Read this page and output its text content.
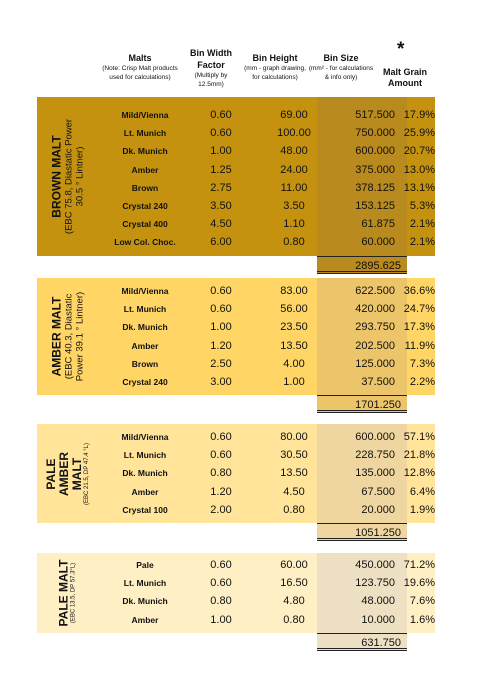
Malts
(Note: Crisp Malt products used for calculations)
Bin Width Factor
(Multiply by 12.5mm)
Bin Height
(mm - graph drawing, for calculations)
Bin Size
(mm² - for calculations & info only)
*
Malt Grain Amount
BROWN MALT (EBC 75.8, Diastatic Power 30.5 ° Lintner)
Mild/Vienna	0.60	69.00	517.500 17.9%
Lt. Munich	0.60	100.00	750.000 25.9%
Dk. Munich	1.00	48.00	600.000 20.7%
Amber	1.25	24.00	375.000 13.0%
Brown	2.75	11.00	378.125 13.1%
Crystal 240	3.50	3.50	153.125	5.3%
Crystal 400	4.50	1.10	61.875	2.1%
Low Col. Choc.	6.00	0.80	60.000	2.1%
2895.625
AMBER MALT (EBC 40.3, Diastatic Power 39.1 ° Lintner)
Mild/Vienna	0.60	83.00	622.500 36.6%
Lt. Munich	0.60	56.00	420.000 24.7%
Dk. Munich	1.00	23.50	293.750 17.3%
Amber	1.20	13.50	202.500 11.9%
Brown	2.50	4.00	125.000	7.3%
Crystal 240	3.00	1.00	37.500	2.2%
1701.250
PALE AMBER MALT (EBC 21.5, DP 47.4 °L)
Mild/Vienna	0.60	80.00	600.000 57.1%
Lt. Munich	0.60	30.50	228.750 21.8%
Dk. Munich	0.80	13.50	135.000 12.8%
Amber	1.20	4.50	67.500	6.4%
Crystal 100	2.00	0.80	20.000	1.9%
1051.250
PALE MALT (EBC 13.5, DP 57.3°L)	Pale	0.60	60.00	450.000 71.2%
Lt. Munich	0.60	16.50	123.750 19.6%
Dk. Munich	0.80	4.80	48.000	7.6%
Amber	1.00	0.80	10.000	1.6%
631.750
